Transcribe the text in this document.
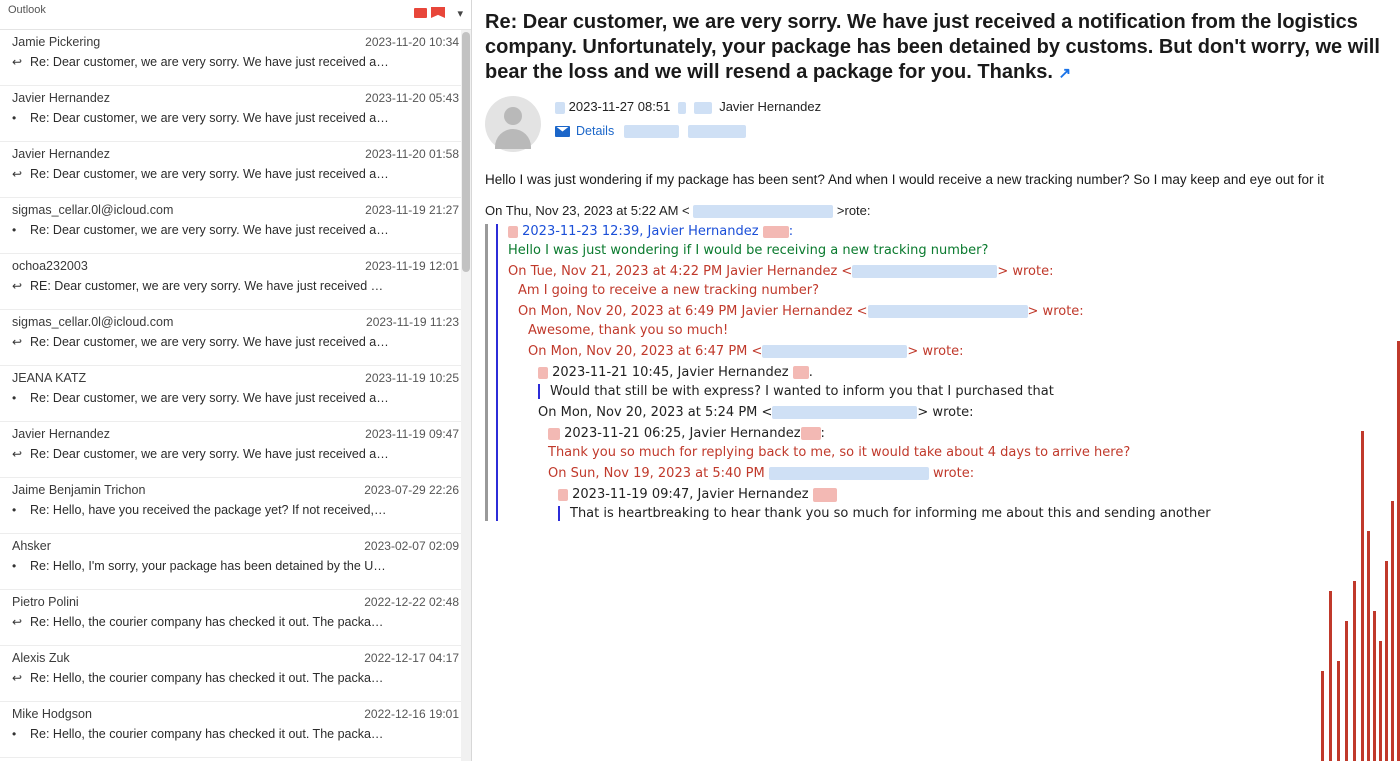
Outlook	▾
Jamie Pickering	2023-11-20 10:34
↩ Re: Dear customer, we are very sorry. We have just received a…
Javier Hernandez	2023-11-20 05:43
•	Re: Dear customer, we are very sorry. We have just received a…
Javier Hernandez	2023-11-20 01:58
↩ Re: Dear customer, we are very sorry. We have just received a…
sigmas_cellar.0l@icloud.com	2023-11-19 21:27
•	Re: Dear customer, we are very sorry. We have just received a…
ochoa232003	2023-11-19 12:01
↩ RE: Dear customer, we are very sorry. We have just received …
sigmas_cellar.0l@icloud.com	2023-11-19 11:23
↩ Re: Dear customer, we are very sorry. We have just received a…
JEANA KATZ	2023-11-19 10:25
•	Re: Dear customer, we are very sorry. We have just received a…
Javier Hernandez	2023-11-19 09:47
↩ Re: Dear customer, we are very sorry. We have just received a…
Jaime Benjamin Trichon	2023-07-29 22:26
•	Re: Hello, have you received the package yet? If not received,…
Ahsker	2023-02-07 02:09
•	Re: Hello, I'm sorry, your package has been detained by the U…
Pietro Polini	2022-12-22 02:48
↩ Re: Hello, the courier company has checked it out. The packa…
Alexis Zuk	2022-12-17 04:17
↩ Re: Hello, the courier company has checked it out. The packa…
Mike Hodgson	2022-12-16 19:01
•	Re: Hello, the courier company has checked it out. The packa…
Re: Dear customer, we are very sorry. We have just received a notification from the logistics company. Unfortunately, your package has been detained by customs. But don't worry, we will bear the loss and we will resend a package for you. Thanks. ↗
2023-11-27 08:51	Javier Hernandez
Details
Hello I was just wondering if my package has been sent? And when I would receive a new tracking number? So I may keep and eye out for it
On Thu, Nov 23, 2023 at 5:22 AM <	>rote:
2023-11-23 12:39, Javier Hernandez :
Hello I was just wondering if I would be receiving a new tracking number?
On Tue, Nov 21, 2023 at 4:22 PM Javier Hernandez <	> wrote:
Am I going to receive a new tracking number?
On Mon, Nov 20, 2023 at 6:49 PM Javier Hernandez <	> wrote:
Awesome, thank you so much!
On Mon, Nov 20, 2023 at 6:47 PM <	> wrote:
2023-11-21 10:45, Javier Hernandez .
Would that still be with express? I wanted to inform you that I purchased that
On Mon, Nov 20, 2023 at 5:24 PM <	> wrote:
2023-11-21 06:25, Javier Hernandez :
Thank you so much for replying back to me, so it would take about 4 days to arrive here?
On Sun, Nov 19, 2023 at 5:40 PM	wrote:
2023-11-19 09:47, Javier Hernandez
That is heartbreaking to hear thank you so much for informing me about this and sending another
